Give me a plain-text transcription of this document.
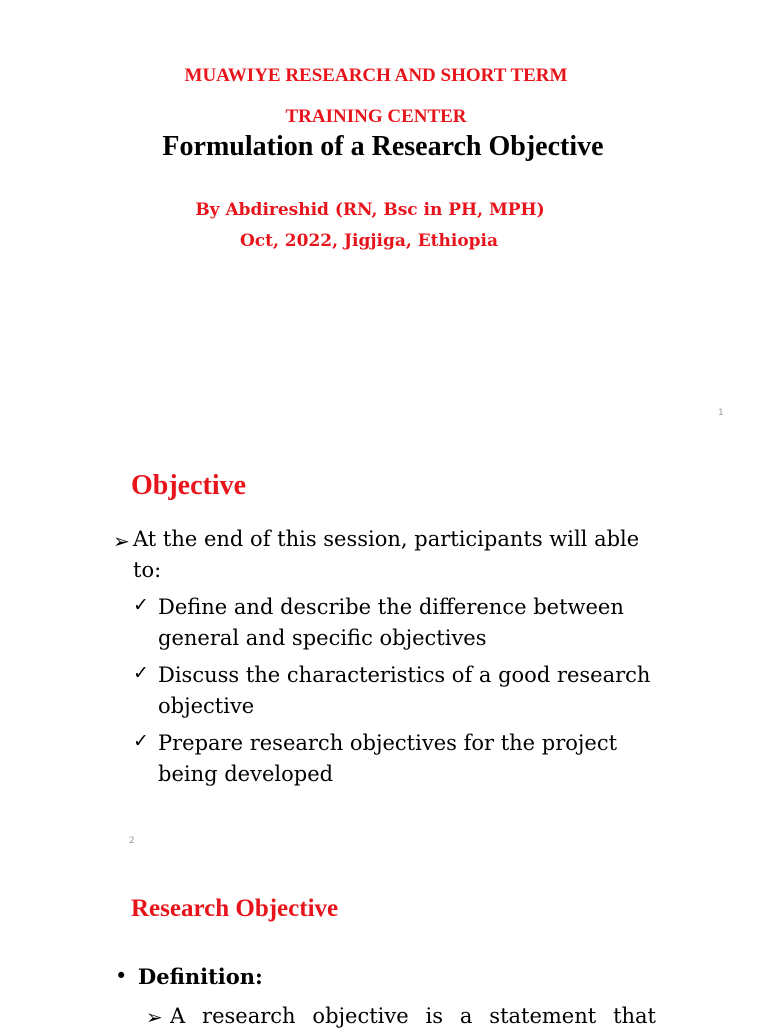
MUAWIYE RESEARCH AND SHORT TERM
TRAINING CENTER
Formulation of a Research Objective
By Abdireshid (RN, Bsc in PH, MPH)
Oct, 2022, Jigjiga, Ethiopia
1
Objective
➢ At the end of this session, participants will able to:
✓ Define and describe the difference between general and specific objectives
✓ Discuss the characteristics of a good research objective
✓ Prepare research objectives for the project being developed
2
Research Objective
• Definition:
➢ A research objective is a statement that
